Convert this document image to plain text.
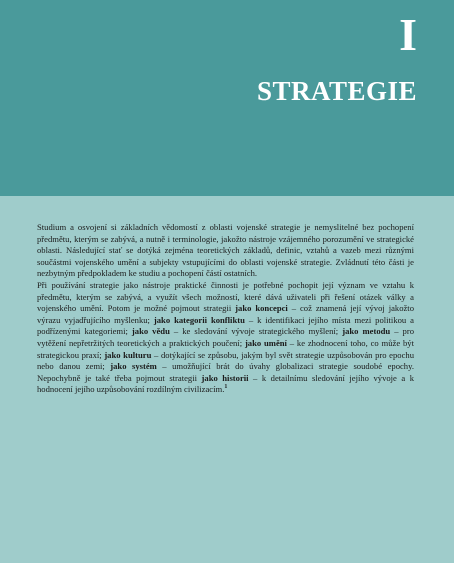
I
STRATEGIE

Studium a osvojení si základních vědomostí z oblasti vojenské strategie je nemyslitelné bez pochopení předmětu, kterým se zabývá, a nutně i terminologie, jakožto nástroje vzájemného porozumění ve strategické oblasti. Následující stať se dotýká zejména teoretických základů, definic, vztahů a vazeb mezi různými součástmi vojenského umění a subjekty vstupujícími do oblasti vojenské strategie. Zvládnutí této části je nezbytným předpokladem ke studiu a pochopení částí ostatních.

Při používání strategie jako nástroje praktické činnosti je potřebné pochopit její význam ve vztahu k předmětu, kterým se zabývá, a využít všech možností, které dává uživateli při řešení otázek války a vojenského umění. Potom je možné pojmout strategii jako koncepci – což znamená její vývoj jakožto výrazu vyjadřujícího myšlenku; jako kategorii konfliktu – k identifikaci jejího místa mezi politikou a podřízenými kategoriemi; jako vědu – ke sledování vývoje strategického myšlení; jako metodu – pro vytěžení nepřetržitých teoretických a praktických poučení; jako umění – ke zhodnocení toho, co může být strategickou praxí; jako kulturu – dotýkající se způsobu, jakým byl svět strategie uzpůsobován pro epochu nebo danou zemi; jako systém – umožňující brát do úvahy globalizaci strategie soudobé epochy. Nepochybně je také třeba pojmout strategii jako historii – k detailnímu sledování jejího vývoje a k hodnocení jejího uzpůsobování rozdílným civilizacím.$^1$
